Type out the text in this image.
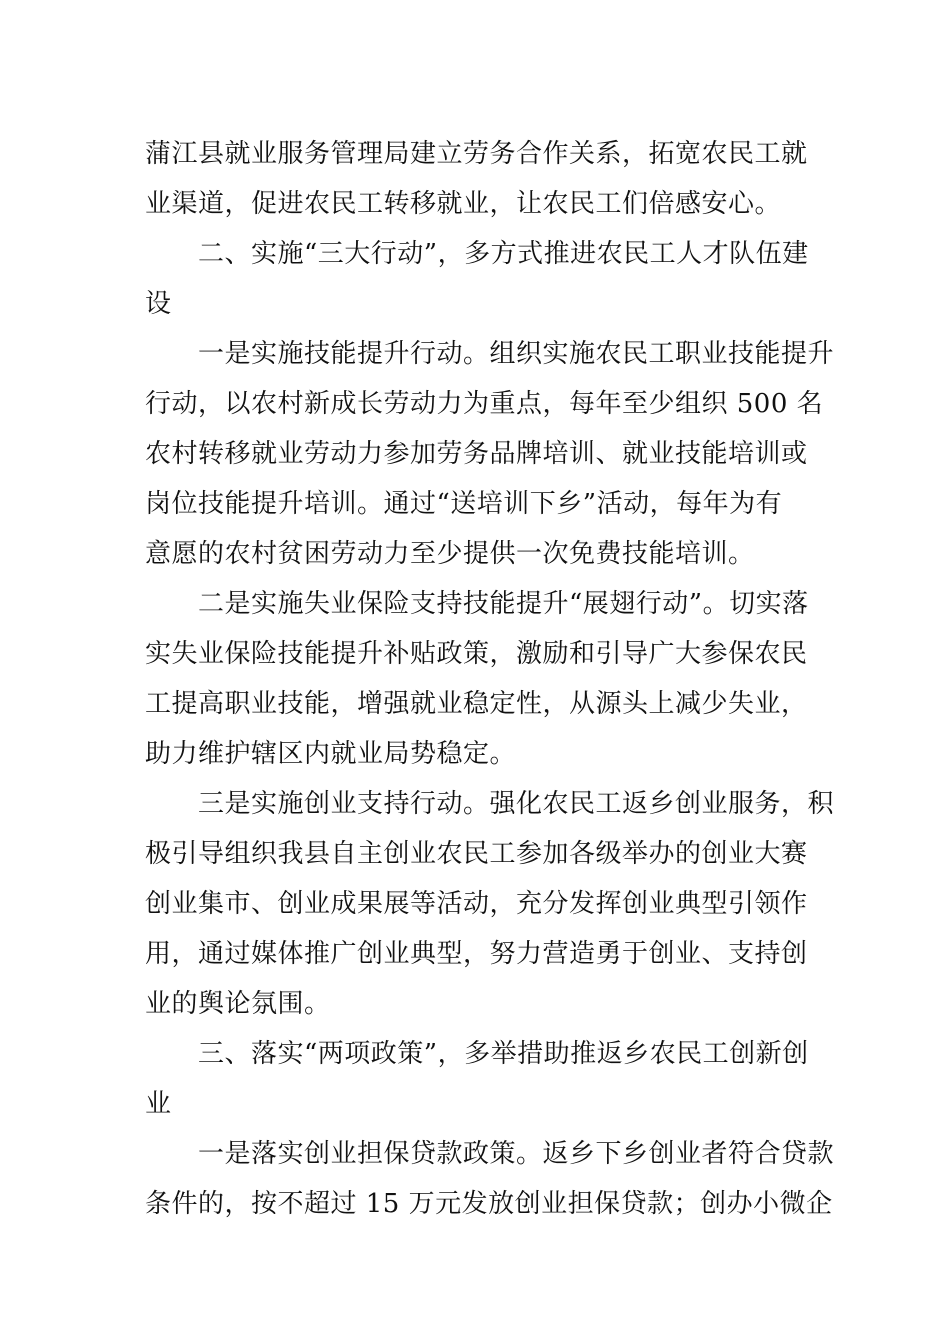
蒲江县就业服务管理局建立劳务合作关系，拓宽农民工就
业渠道，促进农民工转移就业，让农民工们倍感安心。
　　二、实施“三大行动”，多方式推进农民工人才队伍建
设
　　一是实施技能提升行动。组织实施农民工职业技能提升
行动，以农村新成长劳动力为重点，每年至少组织 500 名
农村转移就业劳动力参加劳务品牌培训、就业技能培训或
岗位技能提升培训。通过“送培训下乡”活动，每年为有
意愿的农村贫困劳动力至少提供一次免费技能培训。
　　二是实施失业保险支持技能提升“展翅行动”。切实落
实失业保险技能提升补贴政策，激励和引导广大参保农民
工提高职业技能，增强就业稳定性，从源头上减少失业，
助力维护辖区内就业局势稳定。
　　三是实施创业支持行动。强化农民工返乡创业服务，积
极引导组织我县自主创业农民工参加各级举办的创业大赛
创业集市、创业成果展等活动，充分发挥创业典型引领作
用，通过媒体推广创业典型，努力营造勇于创业、支持创
业的舆论氛围。
　　三、落实“两项政策”，多举措助推返乡农民工创新创
业
　　一是落实创业担保贷款政策。返乡下乡创业者符合贷款
条件的，按不超过 15 万元发放创业担保贷款；创办小微企
